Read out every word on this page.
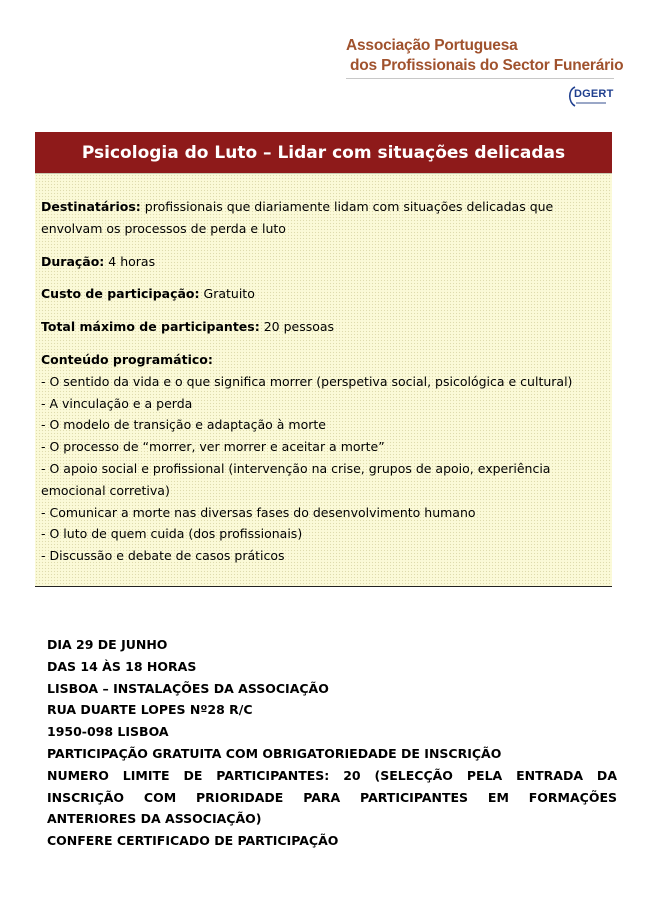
Associação Portuguesa
dos Profissionais do Sector Funerário
DGERT
Psicologia do Luto – Lidar com situações delicadas
Destinatários: profissionais que diariamente lidam com situações delicadas que envolvam os processos de perda e luto
Duração: 4 horas
Custo de participação: Gratuito
Total máximo de participantes: 20 pessoas
Conteúdo programático:
- O sentido da vida e o que significa morrer (perspetiva social, psicológica e cultural)
- A vinculação e a perda
- O modelo de transição e adaptação à morte
- O processo de “morrer, ver morrer e aceitar a morte”
- O apoio social e profissional (intervenção na crise, grupos de apoio, experiência emocional corretiva)
- Comunicar a morte nas diversas fases do desenvolvimento humano
- O luto de quem cuida (dos profissionais)
- Discussão e debate de casos práticos
DIA 29 DE JUNHO
DAS 14 ÀS 18 HORAS
LISBOA – INSTALAÇÕES DA ASSOCIAÇÃO
RUA DUARTE LOPES Nº28 R/C
1950-098 LISBOA
PARTICIPAÇÃO GRATUITA COM OBRIGATORIEDADE DE INSCRIÇÃO
NUMERO LIMITE DE PARTICIPANTES: 20 (SELECÇÃO PELA ENTRADA DA INSCRIÇÃO COM PRIORIDADE PARA PARTICIPANTES EM FORMAÇÕES ANTERIORES DA ASSOCIAÇÃO)
CONFERE CERTIFICADO DE PARTICIPAÇÃO
